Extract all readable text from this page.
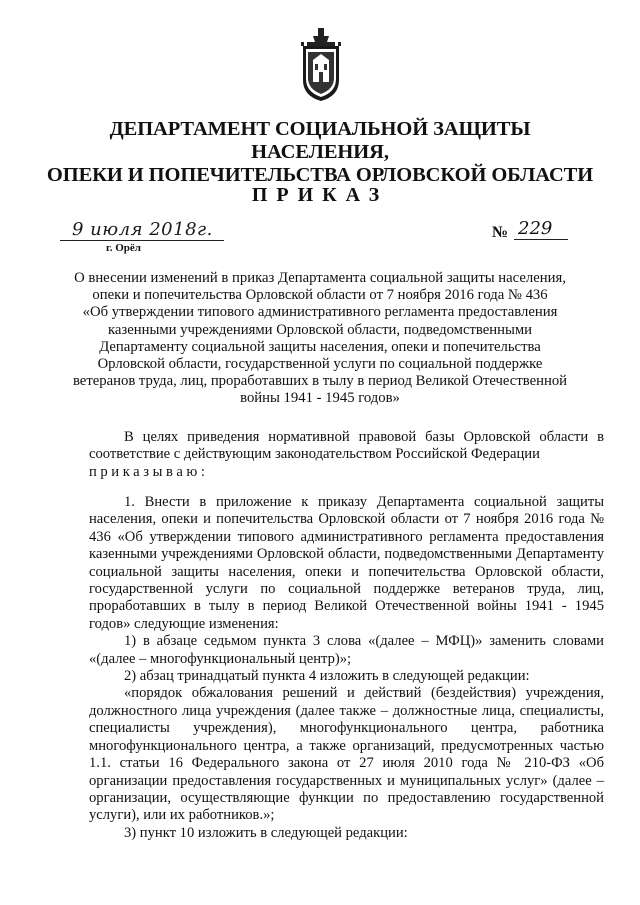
ДЕПАРТАМЕНТ СОЦИАЛЬНОЙ ЗАЩИТЫ НАСЕЛЕНИЯ,
ОПЕКИ И ПОПЕЧИТЕЛЬСТВА ОРЛОВСКОЙ ОБЛАСТИ
ПРИКАЗ
9 июля 2018г.
г. Орёл
№ 229
О внесении изменений в приказ Департамента социальной защиты населения,
опеки и попечительства Орловской области от 7 ноября 2016 года № 436
«Об утверждении типового административного регламента предоставления
казенными учреждениями Орловской области, подведомственными
Департаменту социальной защиты населения, опеки и попечительства
Орловской области, государственной услуги по социальной поддержке
ветеранов труда, лиц, проработавших в тылу в период Великой Отечественной
войны 1941 - 1945 годов»

В целях приведения нормативной правовой базы Орловской области в соответствие с действующим законодательством Российской Федерации

приказываю:

1. Внести в приложение к приказу Департамента социальной защиты населения, опеки и попечительства Орловской области от 7 ноября 2016 года № 436 «Об утверждении типового административного регламента предоставления казенными учреждениями Орловской области, подведомственными Департаменту социальной защиты населения, опеки и попечительства Орловской области, государственной услуги по социальной поддержке ветеранов труда, лиц, проработавших в тылу в период Великой Отечественной войны 1941 - 1945 годов» следующие изменения:

1) в абзаце седьмом пункта 3 слова «(далее – МФЦ)» заменить словами «(далее – многофункциональный центр)»;

2) абзац тринадцатый пункта 4 изложить в следующей редакции:

«порядок обжалования решений и действий (бездействия) учреждения, должностного лица учреждения (далее также – должностные лица, специалисты, специалисты учреждения), многофункционального центра, работника многофункционального центра, а также организаций, предусмотренных частью 1.1. статьи 16 Федерального закона от 27 июля 2010 года № 210-ФЗ «Об организации предоставления государственных и муниципальных услуг» (далее – организации, осуществляющие функции по предоставлению государственной услуги), или их работников.»;

3) пункт 10 изложить в следующей редакции:
